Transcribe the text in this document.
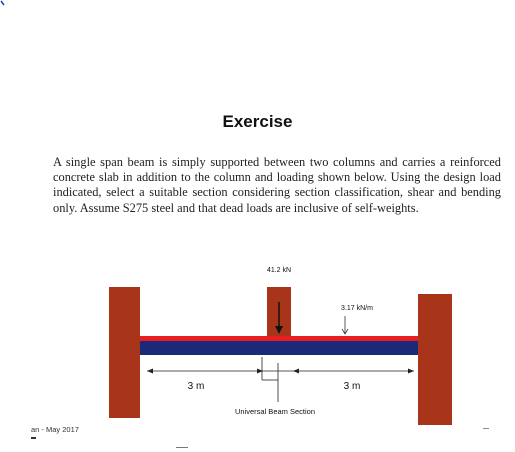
Exercise

A single span beam is simply supported between two columns and carries a reinforced concrete slab in addition to the column and loading shown below. Using the design load indicated, select a suitable section considering section classification, shear and bending only. Assume S275 steel and that dead loads are inclusive of self-weights.

41.2 kN
3.17 kN/m
3 m	3 m
Universal Beam Section
an - May 2017
